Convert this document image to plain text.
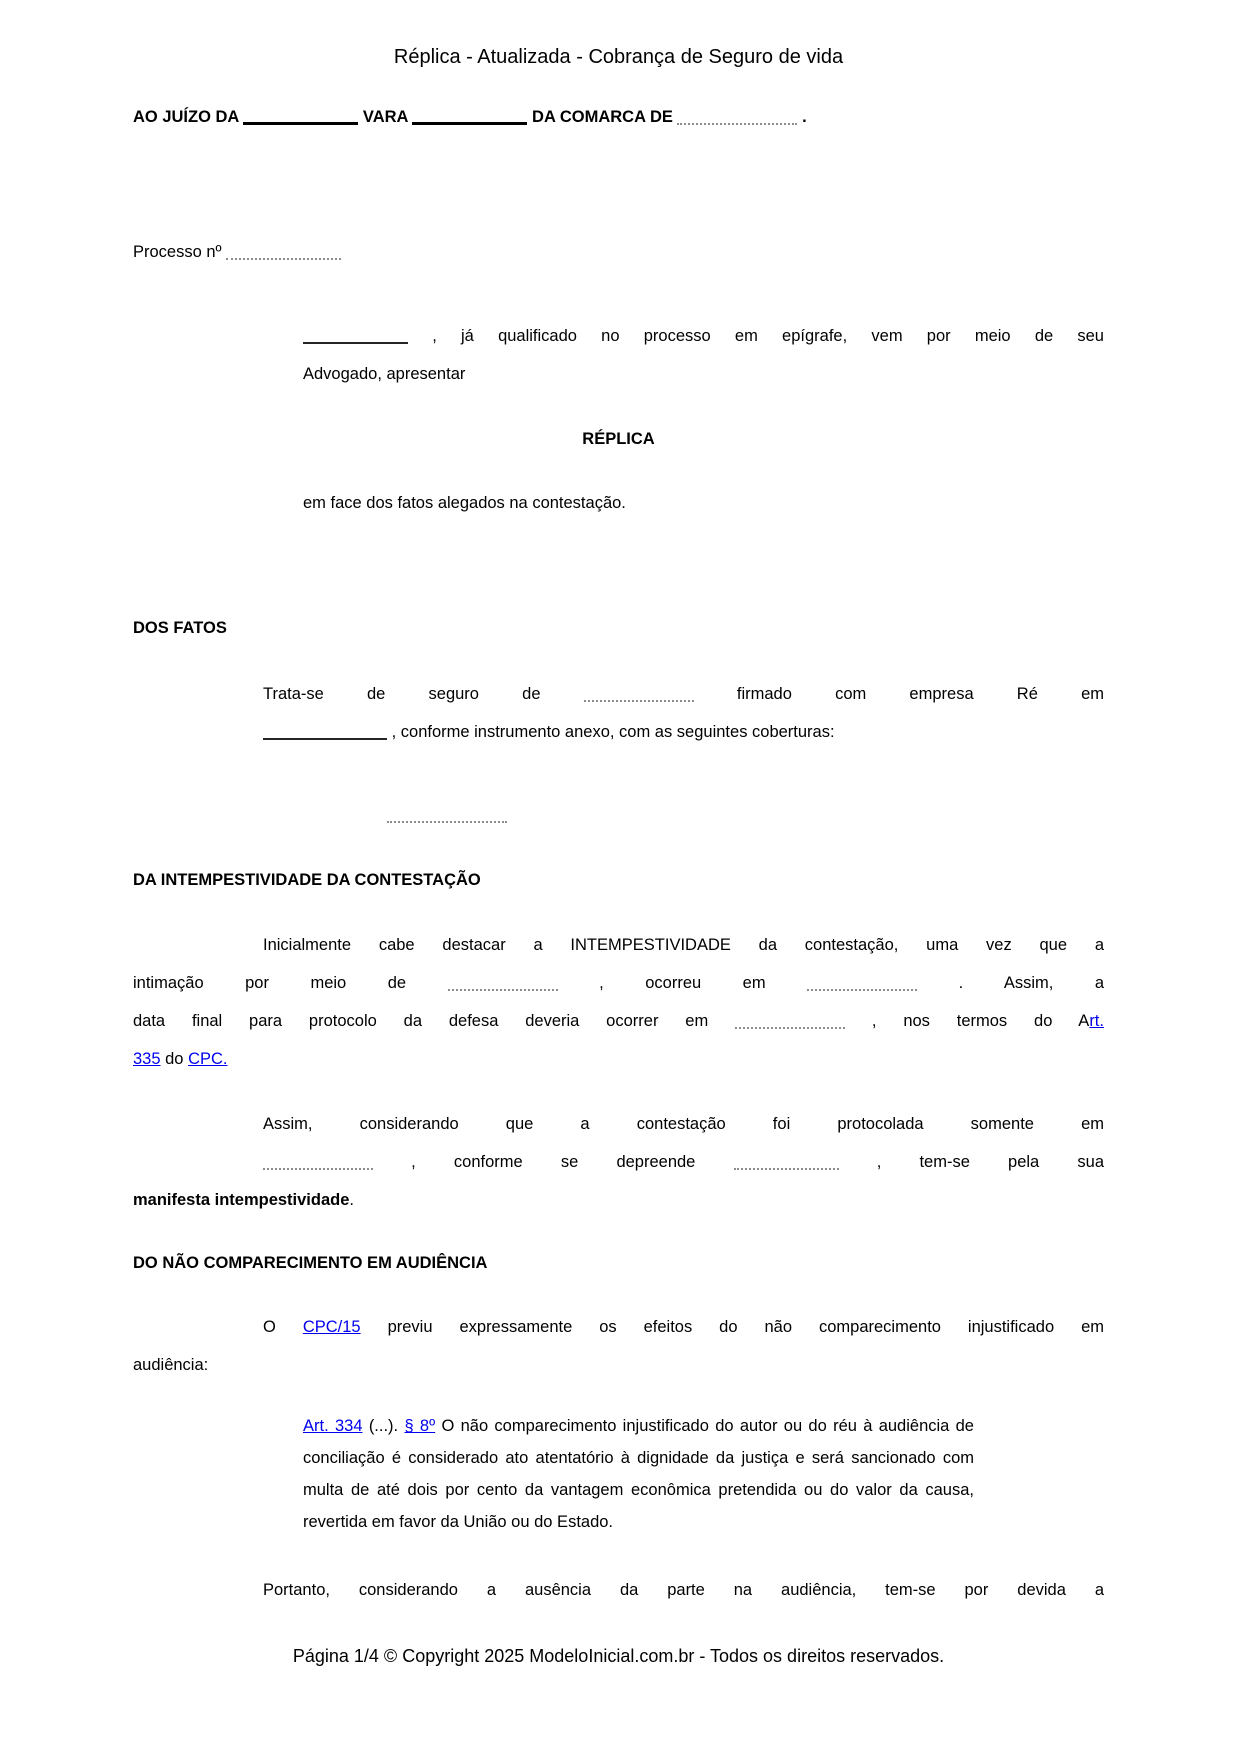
Réplica - Atualizada - Cobrança de Seguro de vida
AO JUÍZO DA	VARA	DA COMARCA DE	.
Processo nº
, já qualificado no processo em epígrafe, vem por meio de seu
Advogado, apresentar
RÉPLICA
em face dos fatos alegados na contestação.
DOS FATOS
Trata-se de seguro de	firmado com empresa Ré em
, conforme instrumento anexo, com as seguintes coberturas:
DA INTEMPESTIVIDADE DA CONTESTAÇÃO
Inicialmente cabe destacar a INTEMPESTIVIDADE da contestação, uma vez que a
intimação por meio de	, ocorreu em	. Assim, a
data final para protocolo da defesa deveria ocorrer em	, nos termos do Art.
335 do CPC.
Assim, considerando que a contestação foi protocolada somente em
, conforme se depreende	, tem-se pela sua
manifesta intempestividade.
DO NÃO COMPARECIMENTO EM AUDIÊNCIA
O CPC/15 previu expressamente os efeitos do não comparecimento injustificado em
audiência:
Art. 334 (...). § 8º O não comparecimento injustificado do autor ou do réu à audiência de conciliação é considerado ato atentatório à dignidade da justiça e será sancionado com multa de até dois por cento da vantagem econômica pretendida ou do valor da causa, revertida em favor da União ou do Estado.
Portanto, considerando a ausência da parte na audiência, tem-se por devida a
Página 1/4 © Copyright 2025 ModeloInicial.com.br - Todos os direitos reservados.
